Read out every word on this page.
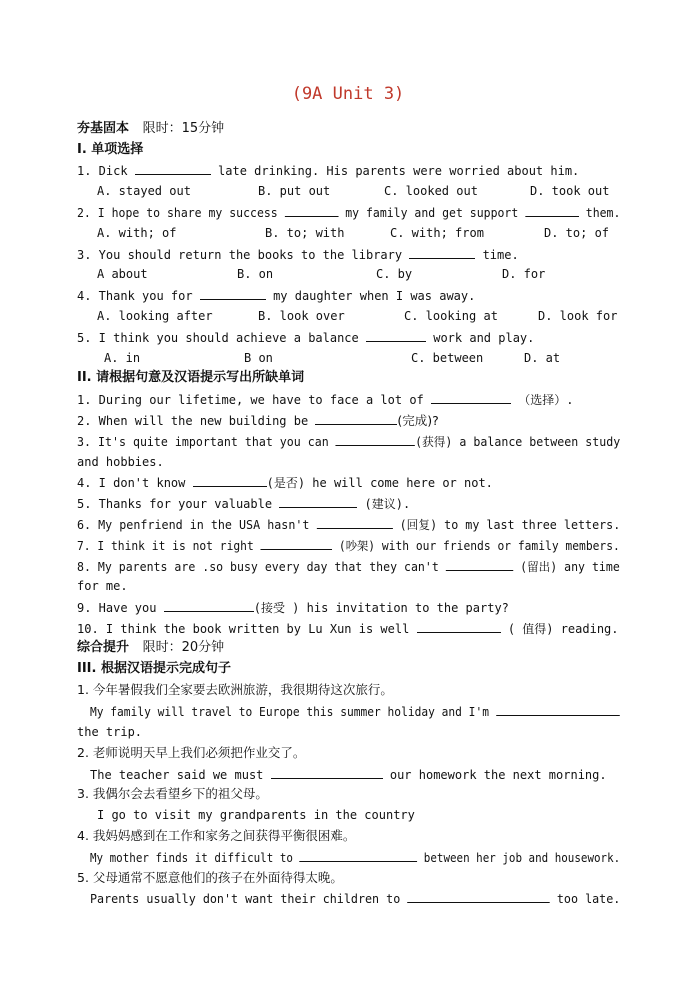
(9A Unit 3)
夯基固本 限时：15分钟
I. 单项选择
1. Dick	late drinking. His parents were worried about him.
A. stayed out	B. put out	C. looked out	D. took out
2. I hope to share my success	my family and get support	them.
A. with; of	B. to; with	C. with; from	D. to; of
3. You should return the books to the library	time.
A about	B. on	C. by	D. for
4. Thank you for	my daughter when I was away.
A. looking after	B. look over	C. looking at	D. look for
5. I think you should achieve a balance	work and play.
A. in	B on	C. between	D. at
II. 请根据句意及汉语提示写出所缺单词
1. During our lifetime, we have to face a lot of	（选择）.
2. When will the new building be	(完成)?
3. It's quite important that you can	(获得) a balance between study
and hobbies.
4. I don't know	(是否) he will come here or not.
5. Thanks for your valuable	(建议).
6. My penfriend in the USA hasn't	(回复) to my last three letters.
7. I think it is not right	(吵架) with our friends or family members.
8. My parents are .so busy every day that they can't	(留出) any time
for me.
9. Have you	(接受 ) his invitation to the party?
10. I think the book written by Lu Xun is well	( 值得) reading.
综合提升 限时：20分钟
III. 根据汉语提示完成句子
1. 今年暑假我们全家要去欧洲旅游，我很期待这次旅行。
My family will travel to Europe this summer holiday and I'm
the trip.
2. 老师说明天早上我们必须把作业交了。
The teacher said we must	our homework the next morning.
3. 我偶尔会去看望乡下的祖父母。
I go to visit my grandparents in the country
4. 我妈妈感到在工作和家务之间获得平衡很困难。
My mother finds it difficult to	between her job and housework.
5. 父母通常不愿意他们的孩子在外面待得太晚。
Parents usually don't want their children to	too late.
